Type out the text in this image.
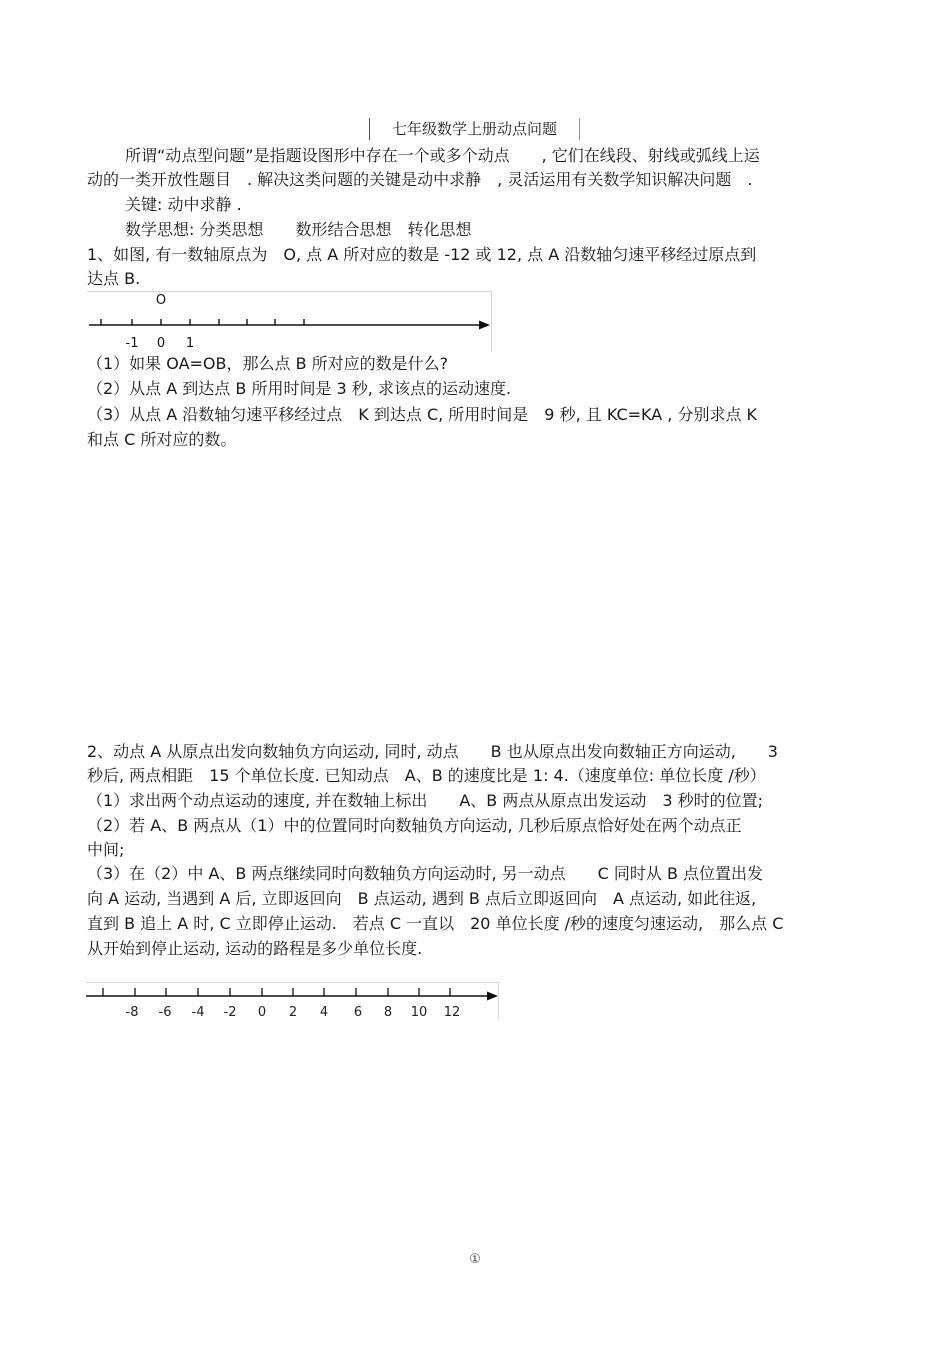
七年级数学上册动点问题
所谓“动点型问题”是指题设图形中存在一个或多个动点　　, 它们在线段、射线或弧线上运
动的一类开放性题目　. 解决这类问题的关键是动中求静　, 灵活运用有关数学知识解决问题　.
关键: 动中求静 .
数学思想: 分类思想　　数形结合思想　转化思想
1、如图, 有一数轴原点为　O, 点 A 所对应的数是 -12 或 12, 点 A 沿数轴匀速平移经过原点到
达点 B.
O
-1 0 1
（1）如果 OA=OB，那么点 B 所对应的数是什么?
（2）从点 A 到达点 B 所用时间是 3 秒, 求该点的运动速度.
（3）从点 A 沿数轴匀速平移经过点　K 到达点 C, 所用时间是　9 秒, 且 KC=KA , 分别求点 K
和点 C 所对应的数。
2、动点 A 从原点出发向数轴负方向运动, 同时, 动点　　B 也从原点出发向数轴正方向运动,　　3
秒后, 两点相距　15 个单位长度. 已知动点　A、B 的速度比是 1: 4.（速度单位: 单位长度 /秒）
（1）求出两个动点运动的速度, 并在数轴上标出　　A、B 两点从原点出发运动　3 秒时的位置;
（2）若 A、B 两点从（1）中的位置同时向数轴负方向运动, 几秒后原点恰好处在两个动点正
中间;
（3）在（2）中 A、B 两点继续同时向数轴负方向运动时, 另一动点　　C 同时从 B 点位置出发
向 A 运动, 当遇到 A 后, 立即返回向　B 点运动, 遇到 B 点后立即返回向　A 点运动, 如此往返,
直到 B 追上 A 时, C 立即停止运动.　若点 C 一直以　20 单位长度 /秒的速度匀速运动,　那么点 C
从开始到停止运动, 运动的路程是多少单位长度.
-8 -6 -4 -2 0 2 4 6 8 10 12
①
